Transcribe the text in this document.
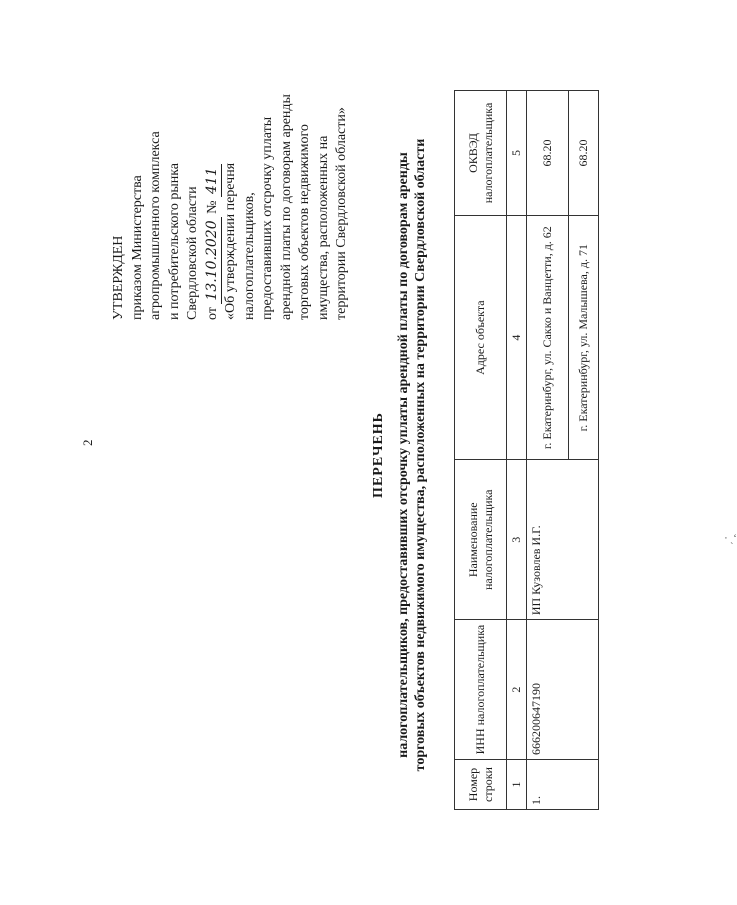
2
УТВЕРЖДЕН приказом Министерства агропромышленного комплекса и потребительского рынка Свердловской области от 13.10.2020 № 411 «Об утверждении перечня налогоплательщиков, предоставивших отсрочку уплаты арендной платы по договорам аренды торговых объектов недвижимого имущества, расположенных на территории Свердловской области»
ПЕРЕЧЕНЬ налогоплательщиков, предоставивших отсрочку уплаты арендной платы по договорам аренды торговых объектов недвижимого имущества, расположенных на территории Свердловской области
Номер строки	ИНН налогоплательщика	Наименование налогоплательщика	Адрес объекта	ОКВЭД налогоплательщика
1	2	3	4	5
1.	666200647190	ИП Кузовлев И.Г.	г. Екатеринбург, ул. Сакко и Ванцетти, д. 62	68.20
			г. Екатеринбург, ул. Малышева, д. 71	68.20
· ˏ‘
